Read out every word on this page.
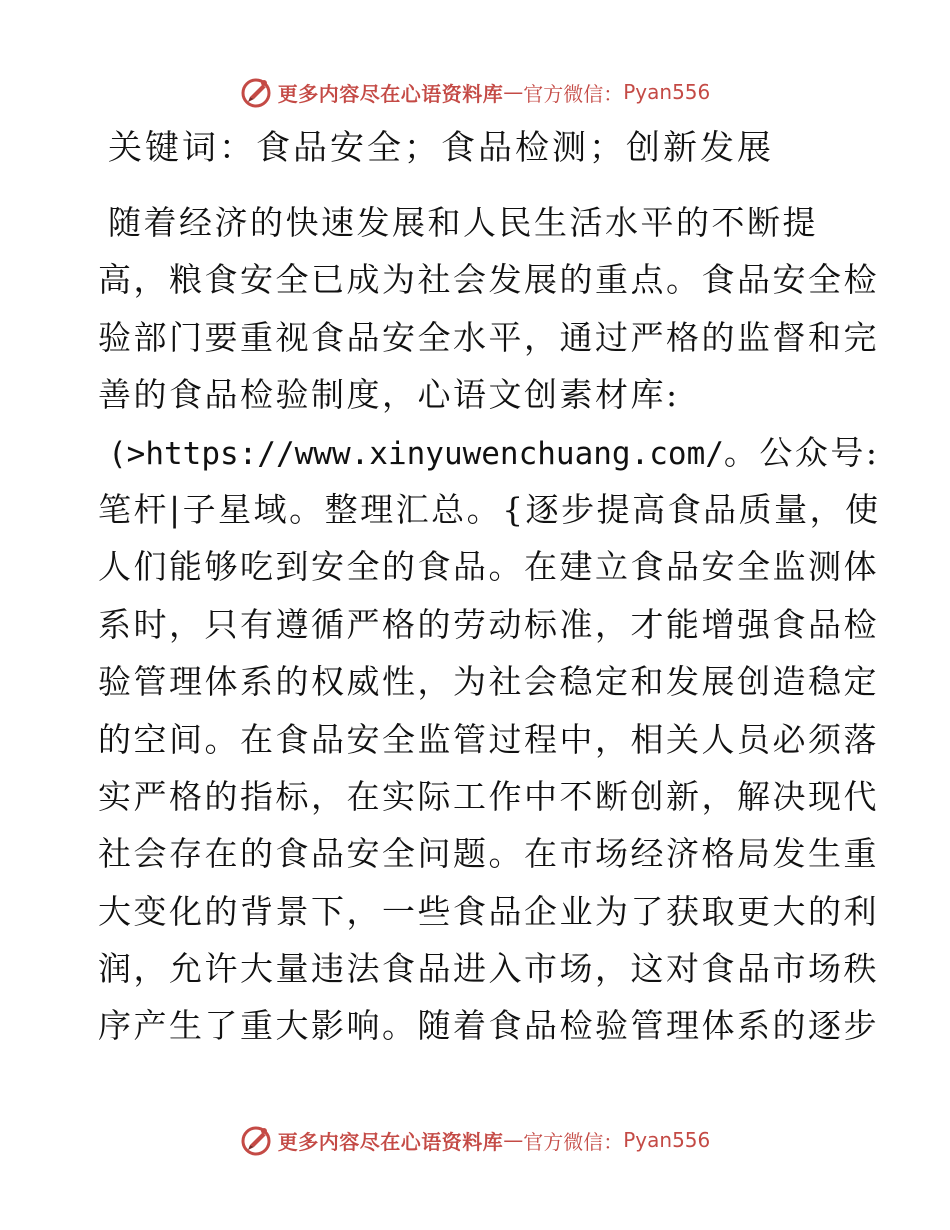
更多内容尽在心语资料库 — 官方微信： Pyan556
关键词：食品安全；食品检测；创新发展
随着经济的快速发展和人民生活水平的不断提
高，粮食安全已成为社会发展的重点。食品安全检
验部门要重视食品安全水平，通过严格的监督和完
善的食品检验制度，心语文创素材库:
(>https://www.xinyuwenchuang.com/。公众号:
笔杆|子星域。整理汇总。{逐步提高食品质量，使
人们能够吃到安全的食品。在建立食品安全监测体
系时，只有遵循严格的劳动标准，才能增强食品检
验管理体系的权威性，为社会稳定和发展创造稳定
的空间。在食品安全监管过程中，相关人员必须落
实严格的指标，在实际工作中不断创新，解决现代
社会存在的食品安全问题。在市场经济格局发生重
大变化的背景下，一些食品企业为了获取更大的利
润，允许大量违法食品进入市场，这对食品市场秩
序产生了重大影响。随着食品检验管理体系的逐步
更多内容尽在心语资料库 — 官方微信： Pyan556
